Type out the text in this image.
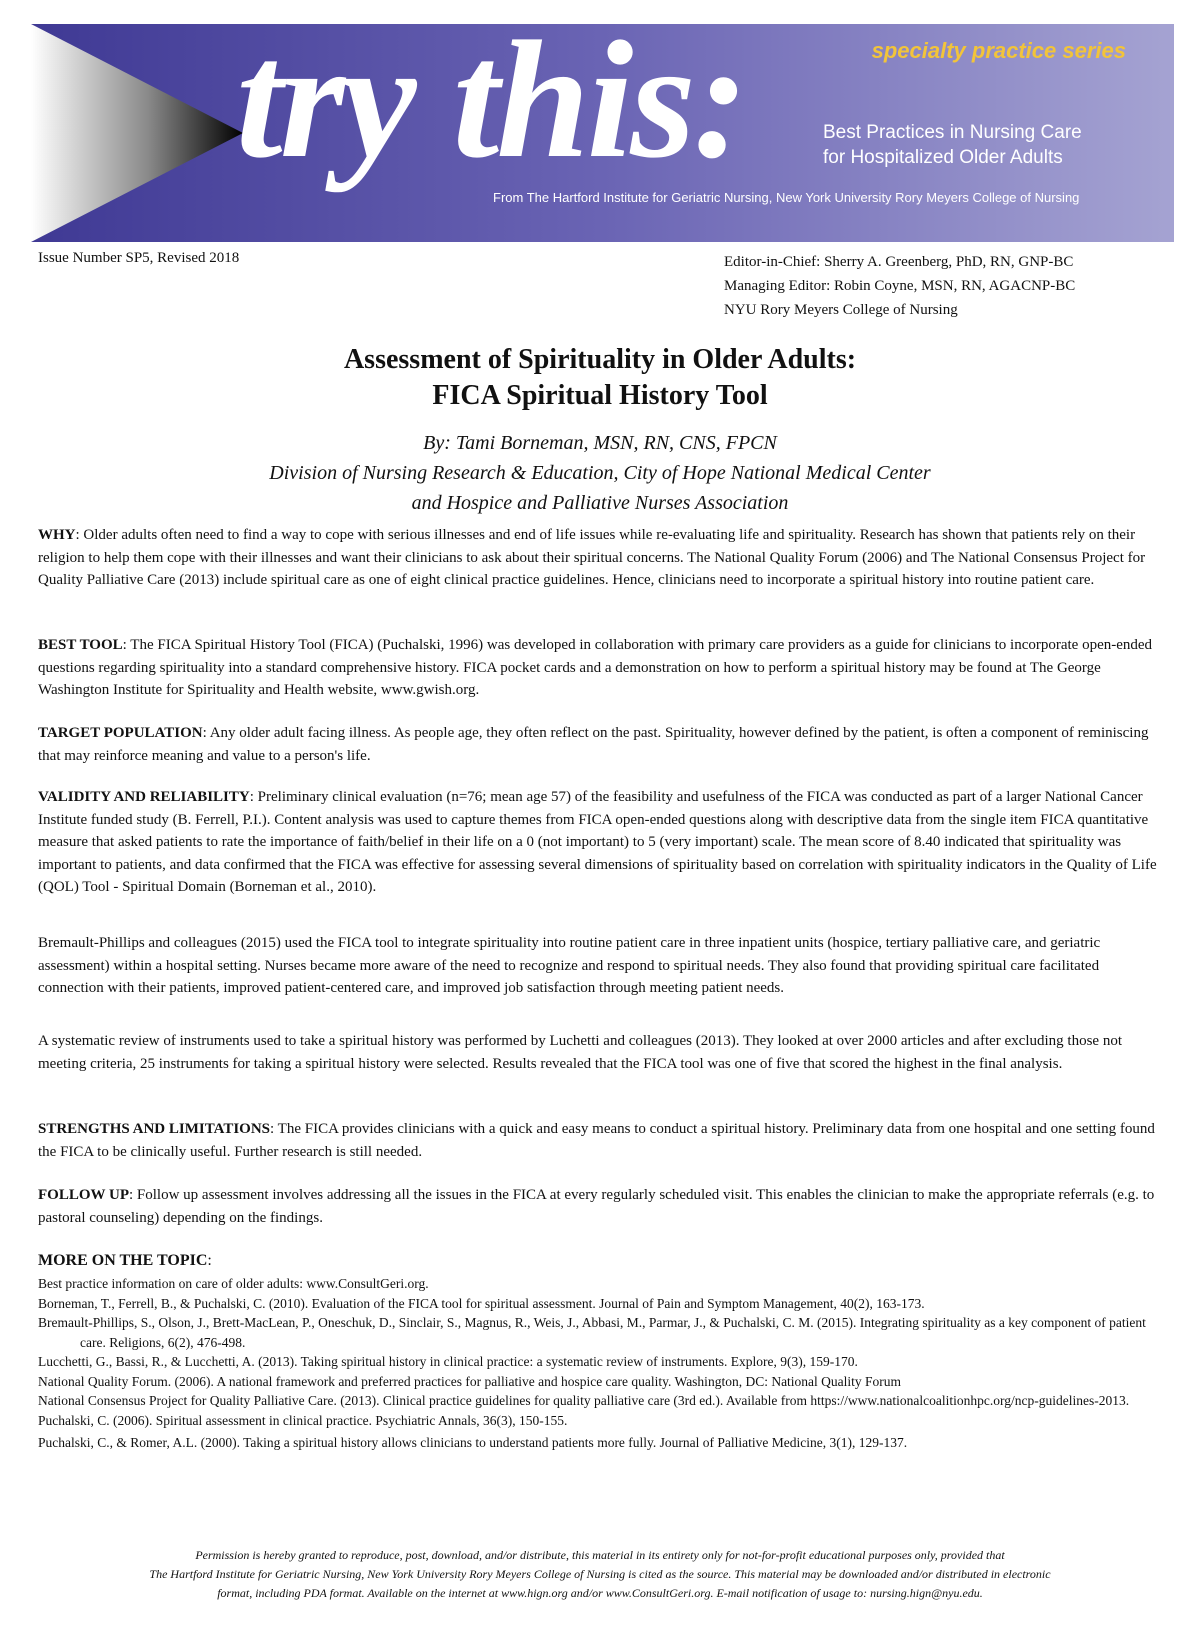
specialty practice series
try this:	Best Practices in Nursing Care
for Hospitalized Older Adults
From The Hartford Institute for Geriatric Nursing, New York University Rory Meyers College of Nursing
Issue Number SP5, Revised 2018	Editor-in-Chief: Sherry A. Greenberg, PhD, RN, GNP-BC
Managing Editor: Robin Coyne, MSN, RN, AGACNP-BC
NYU Rory Meyers College of Nursing
Assessment of Spirituality in Older Adults:
FICA Spiritual History Tool
By: Tami Borneman, MSN, RN, CNS, FPCN
Division of Nursing Research & Education, City of Hope National Medical Center
and Hospice and Palliative Nurses Association

WHY: Older adults often need to find a way to cope with serious illnesses and end of life issues while re-evaluating life and spirituality. Research has shown that patients rely on their religion to help them cope with their illnesses and want their clinicians to ask about their spiritual concerns. The National Quality Forum (2006) and The National Consensus Project for Quality Palliative Care (2013) include spiritual care as one of eight clinical practice guidelines. Hence, clinicians need to incorporate a spiritual history into routine patient care.

BEST TOOL: The FICA Spiritual History Tool (FICA) (Puchalski, 1996) was developed in collaboration with primary care providers as a guide for clinicians to incorporate open-ended questions regarding spirituality into a standard comprehensive history. FICA pocket cards and a demonstration on how to perform a spiritual history may be found at The George Washington Institute for Spirituality and Health website, www.gwish.org.

TARGET POPULATION: Any older adult facing illness. As people age, they often reflect on the past. Spirituality, however defined by the patient, is often a component of reminiscing that may reinforce meaning and value to a person's life.

VALIDITY AND RELIABILITY: Preliminary clinical evaluation (n=76; mean age 57) of the feasibility and usefulness of the FICA was conducted as part of a larger National Cancer Institute funded study (B. Ferrell, P.I.). Content analysis was used to capture themes from FICA open-ended questions along with descriptive data from the single item FICA quantitative measure that asked patients to rate the importance of faith/belief in their life on a 0 (not important) to 5 (very important) scale. The mean score of 8.40 indicated that spirituality was important to patients, and data confirmed that the FICA was effective for assessing several dimensions of spirituality based on correlation with spirituality indicators in the Quality of Life (QOL) Tool - Spiritual Domain (Borneman et al., 2010).

Bremault-Phillips and colleagues (2015) used the FICA tool to integrate spirituality into routine patient care in three inpatient units (hospice, tertiary palliative care, and geriatric assessment) within a hospital setting. Nurses became more aware of the need to recognize and respond to spiritual needs. They also found that providing spiritual care facilitated connection with their patients, improved patient-centered care, and improved job satisfaction through meeting patient needs.

A systematic review of instruments used to take a spiritual history was performed by Luchetti and colleagues (2013). They looked at over 2000 articles and after excluding those not meeting criteria, 25 instruments for taking a spiritual history were selected. Results revealed that the FICA tool was one of five that scored the highest in the final analysis.

STRENGTHS AND LIMITATIONS: The FICA provides clinicians with a quick and easy means to conduct a spiritual history. Preliminary data from one hospital and one setting found the FICA to be clinically useful. Further research is still needed.

FOLLOW UP: Follow up assessment involves addressing all the issues in the FICA at every regularly scheduled visit. This enables the clinician to make the appropriate referrals (e.g. to pastoral counseling) depending on the findings.

MORE ON THE TOPIC:
Best practice information on care of older adults: www.ConsultGeri.org.
Borneman, T., Ferrell, B., & Puchalski, C. (2010). Evaluation of the FICA tool for spiritual assessment. Journal of Pain and Symptom Management, 40(2), 163-173.
Bremault-Phillips, S., Olson, J., Brett-MacLean, P., Oneschuk, D., Sinclair, S., Magnus, R., Weis, J., Abbasi, M., Parmar, J., & Puchalski, C. M. (2015). Integrating spirituality as a key component of patient care. Religions, 6(2), 476-498.
Lucchetti, G., Bassi, R., & Lucchetti, A. (2013). Taking spiritual history in clinical practice: a systematic review of instruments. Explore, 9(3), 159-170.
National Quality Forum. (2006). A national framework and preferred practices for palliative and hospice care quality. Washington, DC: National Quality Forum
National Consensus Project for Quality Palliative Care. (2013). Clinical practice guidelines for quality palliative care (3rd ed.). Available from https://www.nationalcoalitionhpc.org/ncp-guidelines-2013.
Puchalski, C. (2006). Spiritual assessment in clinical practice. Psychiatric Annals, 36(3), 150-155.
Puchalski, C., & Romer, A.L. (2000). Taking a spiritual history allows clinicians to understand patients more fully. Journal of Palliative Medicine, 3(1), 129-137.
Permission is hereby granted to reproduce, post, download, and/or distribute, this material in its entirety only for not-for-profit educational purposes only, provided that
The Hartford Institute for Geriatric Nursing, New York University Rory Meyers College of Nursing is cited as the source. This material may be downloaded and/or distributed in electronic
format, including PDA format. Available on the internet at www.hign.org and/or www.ConsultGeri.org. E-mail notification of usage to: nursing.hign@nyu.edu.
